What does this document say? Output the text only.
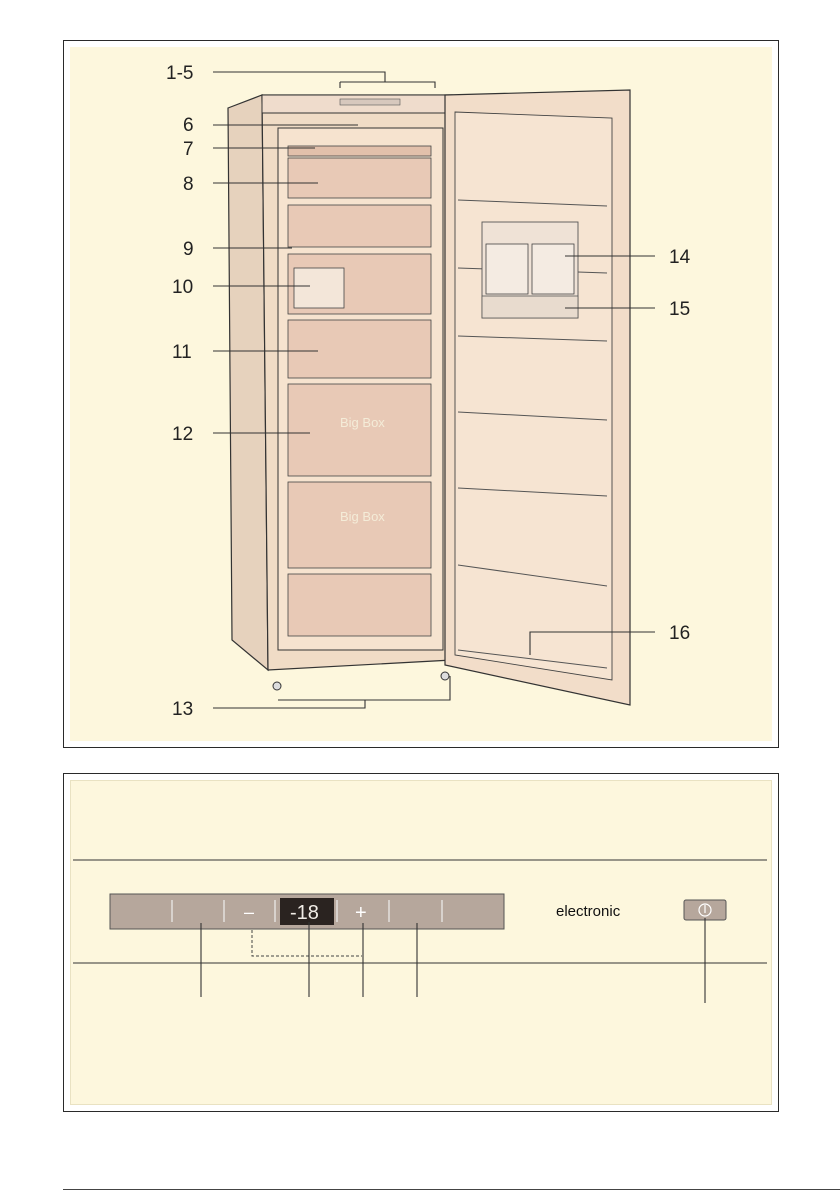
Big Box
Big Box
1-5
6
7
8
9
10
11
12
13
14
15
16
-18
–	+	electronic
